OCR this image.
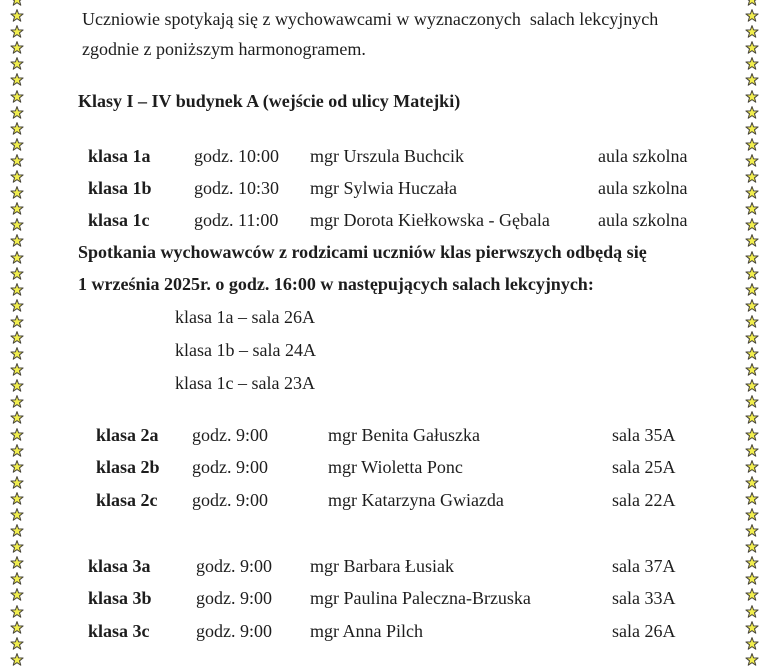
Uczniowie spotykają się z wychowawcami w wyznaczonych  salach lekcyjnych
zgodnie z poniższym harmonogramem.
Klasy I – IV budynek A (wejście od ulicy Matejki)
klasa 1a godz. 10:00 mgr Urszula Buchcik	aula szkolna
klasa 1b godz. 10:30 mgr Sylwia Huczała	aula szkolna
klasa 1c godz. 11:00 mgr Dorota Kiełkowska - Gębala	aula szkolna
Spotkania wychowawców z rodzicami uczniów klas pierwszych odbędą się
1 września 2025r. o godz. 16:00 w następujących salach lekcyjnych:
klasa 1a – sala 26A
klasa 1b – sala 24A
klasa 1c – sala 23A
klasa 2a godz. 9:00	mgr Benita Gałuszka	sala 35A
klasa 2b godz. 9:00	mgr Wioletta Ponc	sala 25A
klasa 2c godz. 9:00	mgr Katarzyna Gwiazda	sala 22A
klasa 3a	godz. 9:00 mgr Barbara Łusiak	sala 37A
klasa 3b godz. 9:00 mgr Paulina Paleczna-Brzuska	sala 33A
klasa 3c	godz. 9:00 mgr Anna Pilch	sala 26A
